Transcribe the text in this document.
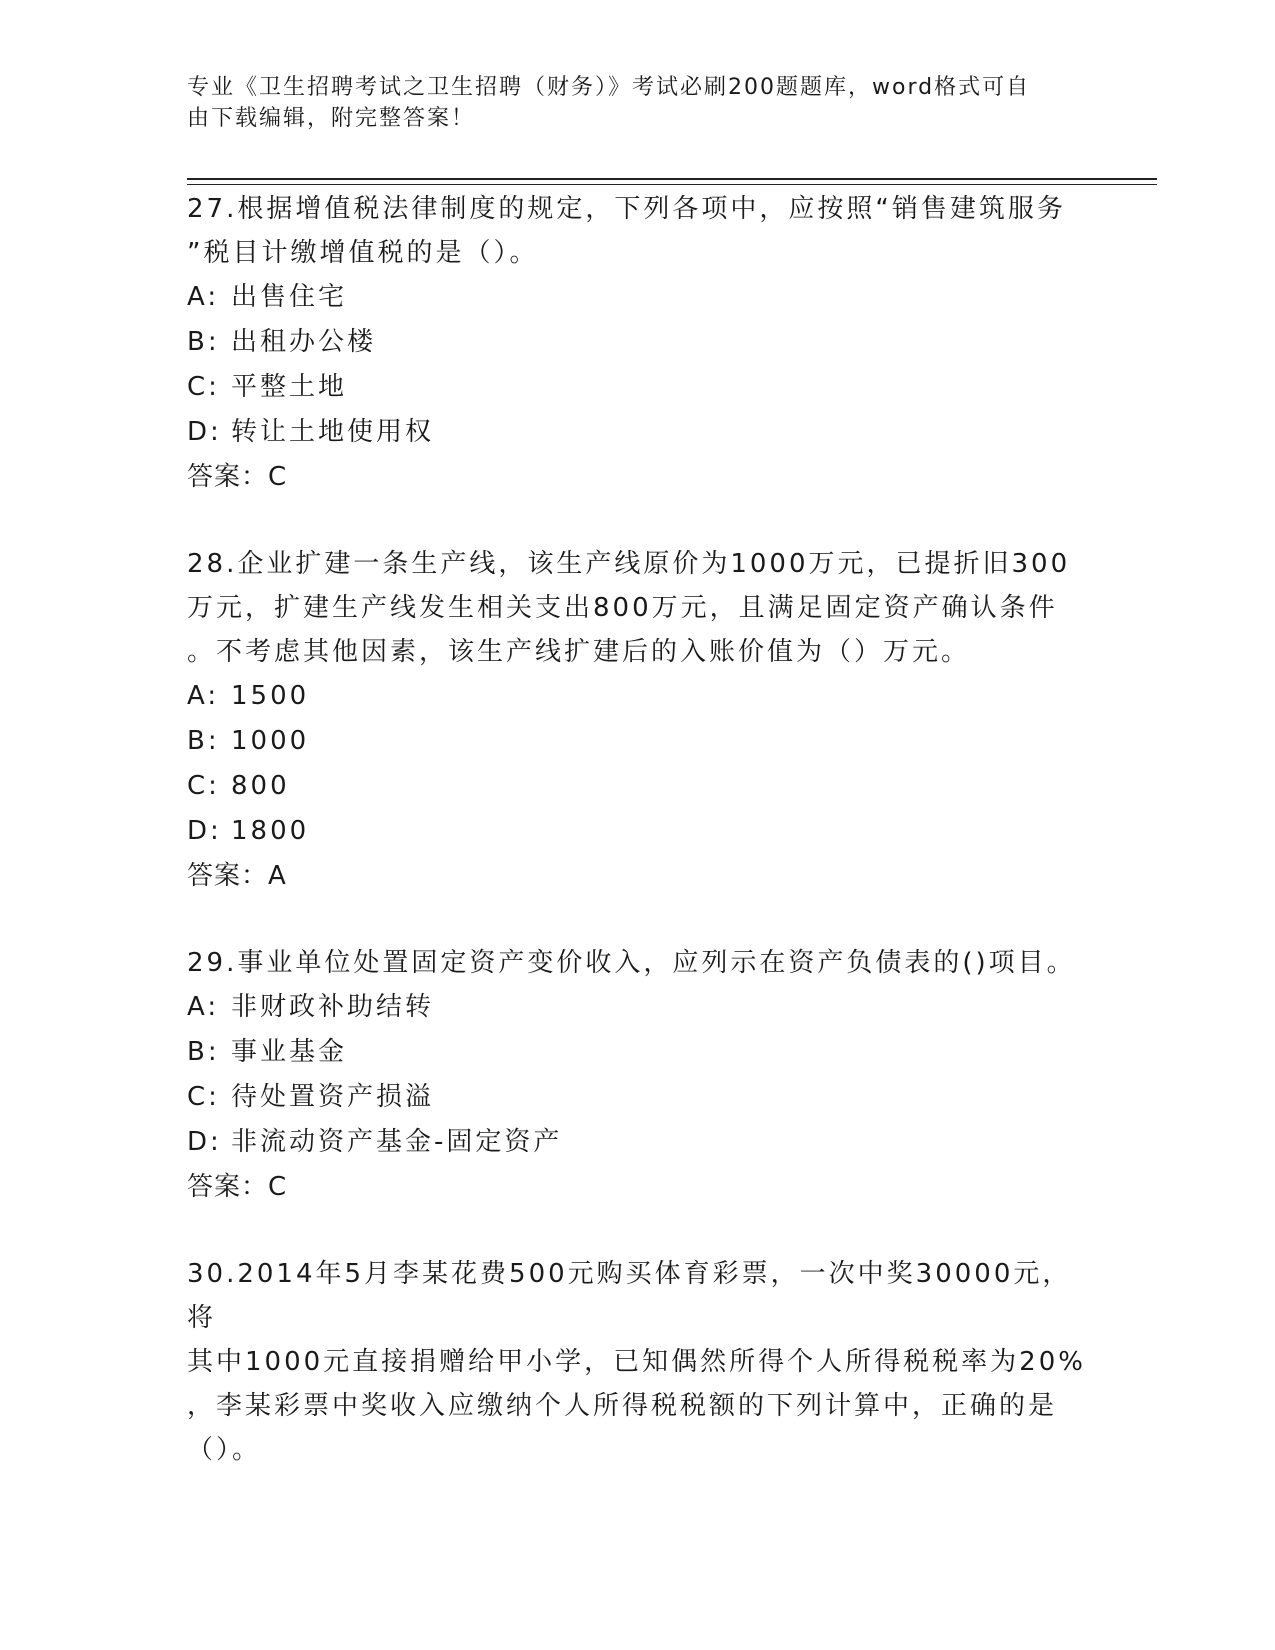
专业《卫生招聘考试之卫生招聘（财务）》考试必刷200题题库，word格式可自
由下载编辑，附完整答案！

27.根据增值税法律制度的规定，下列各项中，应按照“销售建筑服务

”税目计缴增值税的是（）。

A: 出售住宅

B: 出租办公楼

C: 平整土地

D: 转让土地使用权

答案：C

28.企业扩建一条生产线，该生产线原价为1000万元，已提折旧300

万元，扩建生产线发生相关支出800万元，且满足固定资产确认条件

。不考虑其他因素，该生产线扩建后的入账价值为（）万元。

A: 1500

B: 1000

C: 800

D: 1800

答案：A

29.事业单位处置固定资产变价收入，应列示在资产负债表的()项目。

A: 非财政补助结转

B: 事业基金

C: 待处置资产损溢

D: 非流动资产基金-固定资产

答案：C

30.2014年5月李某花费500元购买体育彩票，一次中奖30000元，将

其中1000元直接捐赠给甲小学，已知偶然所得个人所得税税率为20%

，李某彩票中奖收入应缴纳个人所得税税额的下列计算中，正确的是

（）。
